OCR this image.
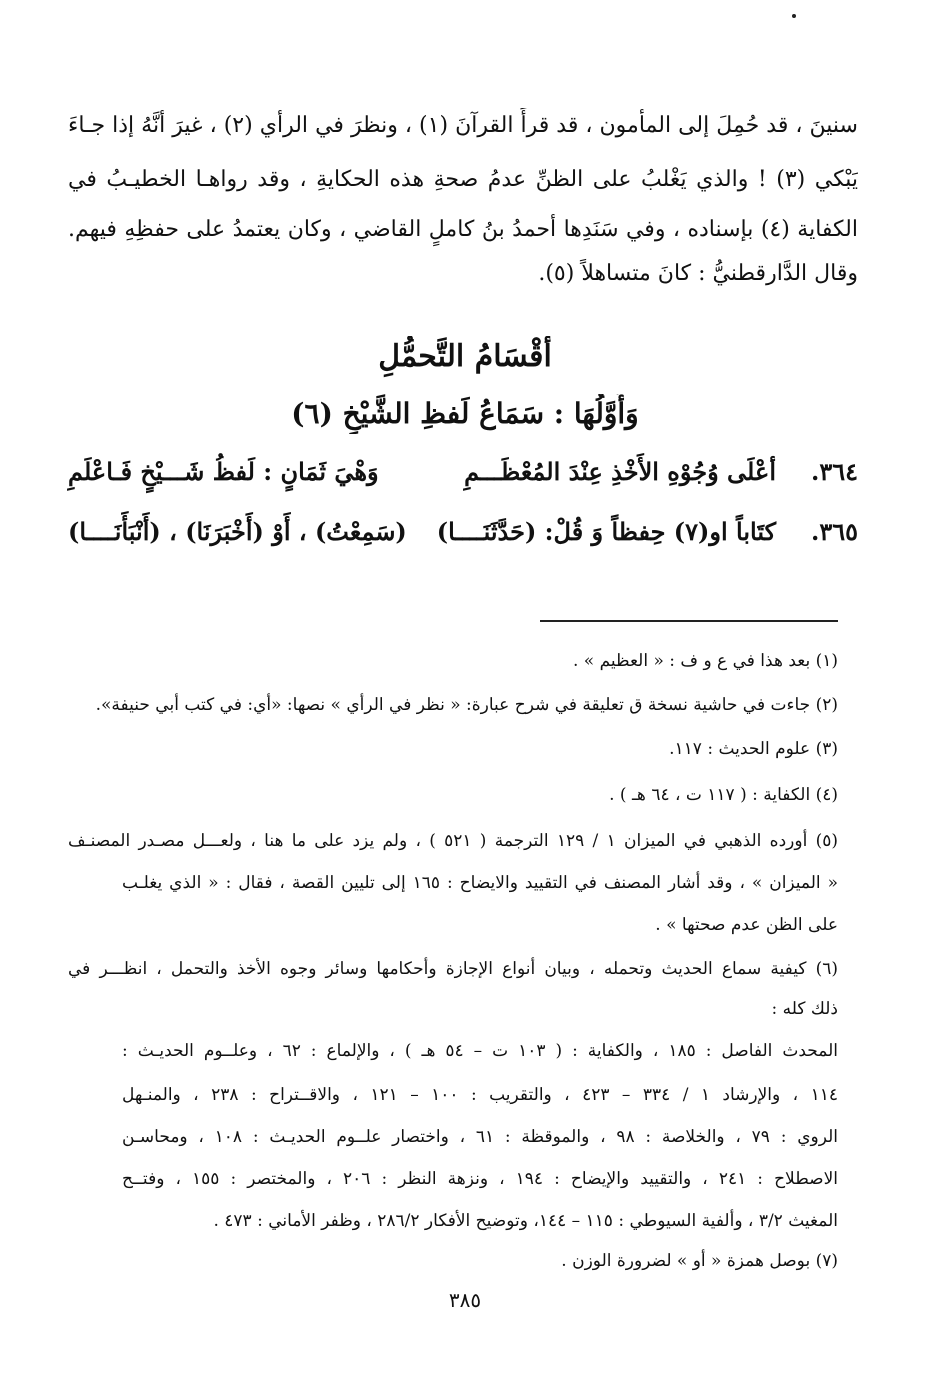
سنينَ ، قد حُمِلَ إلى المأمون ، قد قرأَ القرآنَ (١) ، ونظرَ في الرأي (٢) ، غيرَ أنَّهُ إذا جـاءَ
يَبْكي (٣) ! والذي يَغْلبُ على الظنِّ عدمُ صحةِ هذه الحكايةِ ، وقد رواهـا الخطيـبُ في
الكفاية (٤) بإسناده ، وفي سَنَدِها أحمدُ بنُ كاملٍ القاضي ، وكان يعتمدُ على حفظِهِ فيهم.
وقال الدَّارقطنيُّ : كانَ متساهلاً (٥).
أقْسَامُ التَّحمُّلِ
وَأَوَّلُهَا : سَمَاعُ لَفظِ الشَّيْخِ (٦)
٣٦٤.
أعْلَى وُجُوْهِ الأَخْذِ عِنْدَ المُعْظَـــمِ
وَهْيَ ثَمَانٍ : لَفظُ شَـــيْخٍ فَـاعْلَمِ
٣٦٥.
كتَاباً او(٧) حِفظاً وَ قُلْ: (حَدَّثَنَــــا)
(سَمِعْتُ) ، أَوْ (أَخْبَرَنَا) ، (أَنْبَأَنَــــا)
(١) بعد هذا في ع و ف : « العظيم » .
(٢) جاءت في حاشية نسخة ق تعليقة في شرح عبارة: « نظر في الرأي » نصها: «أي: في كتب أبي حنيفة».
(٣) علوم الحديث : ١١٧.
(٤) الكفاية : ( ١١٧ ت ، ٦٤ هـ ) .
(٥) أورده الذهبي في الميزان ١ / ١٢٩ الترجمة ( ٥٢١ ) ، ولم يزد على ما هنا ، ولعـــل مصـدر المصنـف
« الميزان » ، وقد أشار المصنف في التقييد والايضاح : ١٦٥ إلى تليين القصة ، فقال : « الذي يغلـب
على الظن عدم صحتها » .
(٦) كيفية سماع الحديث وتحمله ، وبيان أنواع الإجازة وأحكامها وسائر وجوه الأخذ والتحمل ، انظـــر في
ذلك كله :
المحدث الفاصل : ١٨٥ ، والكفاية : ( ١٠٣ ت – ٥٤ هـ ) ، والإلماع : ٦٢ ، وعلــوم الحديـث :
١١٤ ، والإرشاد ١ / ٣٣٤ – ٤٢٣ ، والتقريب : ١٠٠ – ١٢١ ، والاقــتراح : ٢٣٨ ، والمنـهل
الروي : ٧٩ ، والخلاصة : ٩٨ ، والموقظة : ٦١ ، واختصار علــوم الحديـث : ١٠٨ ، ومحاسـن
الاصطلاح : ٢٤١ ، والتقييد والإيضاح : ١٩٤ ، ونزهة النظر : ٢٠٦ ، والمختصر : ١٥٥ ، وفتــح
المغيث ٣/٢ ، وألفية السيوطي : ١١٥ – ١٤٤، وتوضيح الأفكار ٢٨٦/٢ ، وظفر الأماني : ٤٧٣ .
(٧) بوصل همزة « أو » لضرورة الوزن .
٣٨٥
